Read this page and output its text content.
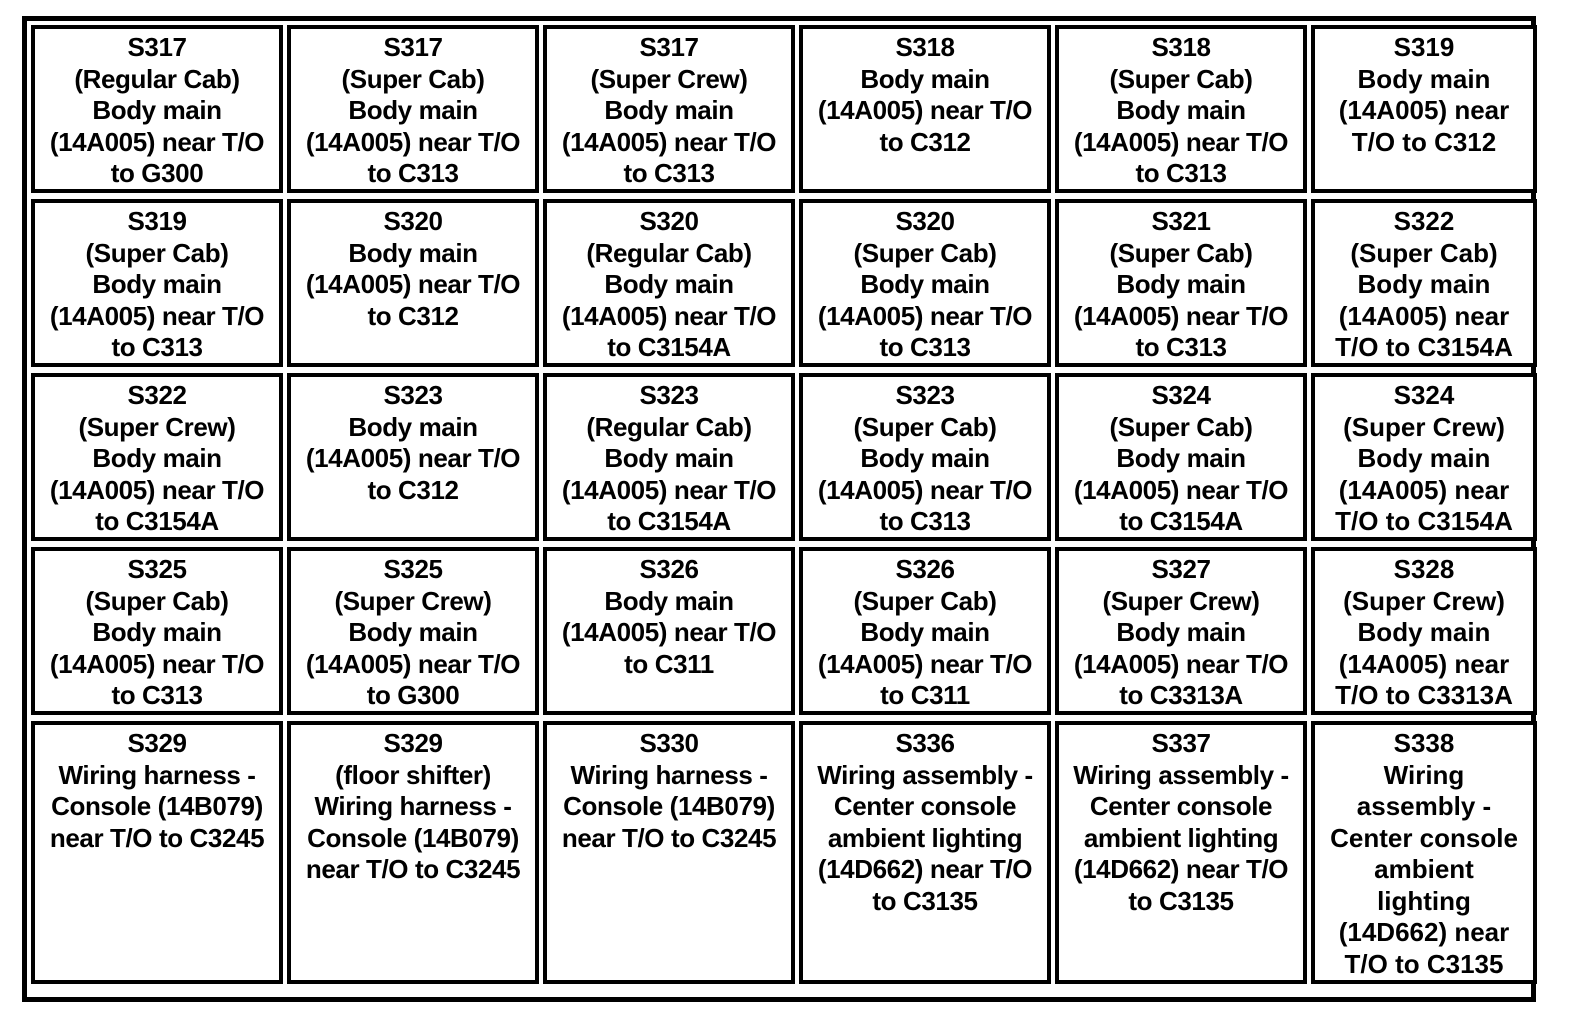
S317
(Regular Cab)
Body main
(14A005) near T/O
to G300
S317
(Super Cab)
Body main
(14A005) near T/O
to C313
S317
(Super Crew)
Body main
(14A005) near T/O
to C313
S318
Body main
(14A005) near T/O
to C312
S318
(Super Cab)
Body main
(14A005) near T/O
to C313
S319
Body main
(14A005) near
T/O to C312
S319
(Super Cab)
Body main
(14A005) near T/O
to C313
S320
Body main
(14A005) near T/O
to C312
S320
(Regular Cab)
Body main
(14A005) near T/O
to C3154A
S320
(Super Cab)
Body main
(14A005) near T/O
to C313
S321
(Super Cab)
Body main
(14A005) near T/O
to C313
S322
(Super Cab)
Body main
(14A005) near
T/O to C3154A
S322
(Super Crew)
Body main
(14A005) near T/O
to C3154A
S323
Body main
(14A005) near T/O
to C312
S323
(Regular Cab)
Body main
(14A005) near T/O
to C3154A
S323
(Super Cab)
Body main
(14A005) near T/O
to C313
S324
(Super Cab)
Body main
(14A005) near T/O
to C3154A
S324
(Super Crew)
Body main
(14A005) near
T/O to C3154A
S325
(Super Cab)
Body main
(14A005) near T/O
to C313
S325
(Super Crew)
Body main
(14A005) near T/O
to G300
S326
Body main
(14A005) near T/O
to C311
S326
(Super Cab)
Body main
(14A005) near T/O
to C311
S327
(Super Crew)
Body main
(14A005) near T/O
to C3313A
S328
(Super Crew)
Body main
(14A005) near
T/O to C3313A
S329
Wiring harness -
Console (14B079)
near T/O to C3245
S329
(floor shifter)
Wiring harness -
Console (14B079)
near T/O to C3245
S330
Wiring harness -
Console (14B079)
near T/O to C3245
S336
Wiring assembly -
Center console
ambient lighting
(14D662) near T/O
to C3135
S337
Wiring assembly -
Center console
ambient lighting
(14D662) near T/O
to C3135
S338
Wiring
assembly -
Center console
ambient
lighting
(14D662) near
T/O to C3135
